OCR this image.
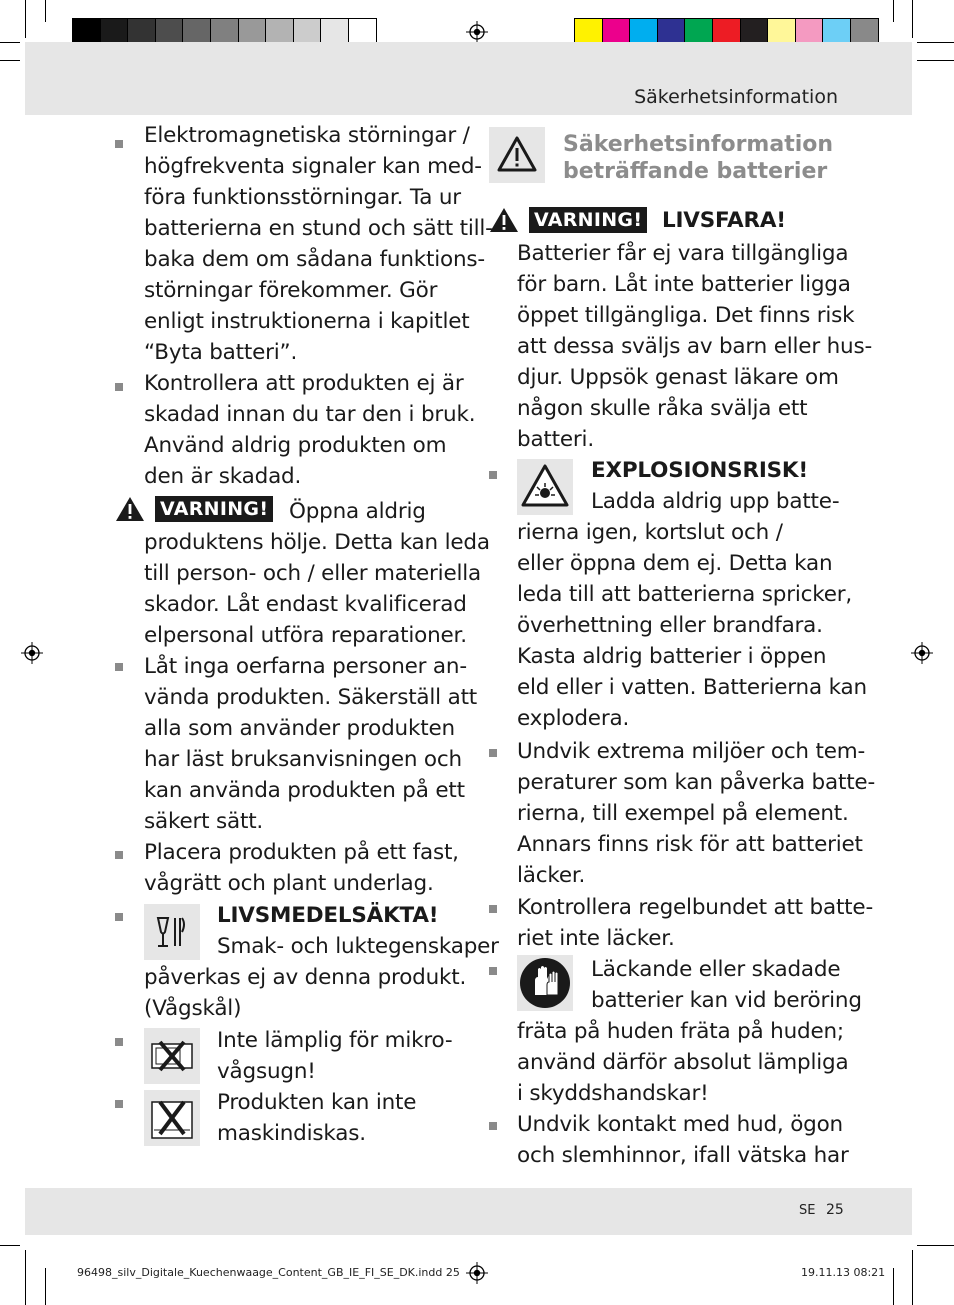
Säkerhetsinformation
Elektromagnetiska störningar /
högfrekventa signaler kan med-
föra funktionsstörningar. Ta ur
batterierna en stund och sätt till-
baka dem om sådana funktions-
störningar förekommer. Gör
enligt instruktionerna i kapitlet
“Byta batteri”.
Kontrollera att produkten ej är
skadad innan du tar den i bruk.
Använd aldrig produkten om
den är skadad.
VARNING! Öppna aldrig
produktens hölje. Detta kan leda
till person- och / eller materiella
skador. Låt endast kvalificerad
elpersonal utföra reparationer.
Låt inga oerfarna personer an-
vända produkten. Säkerställ att
alla som använder produkten
har läst bruksanvisningen och
kan använda produkten på ett
säkert sätt.
Placera produkten på ett fast,
vågrätt och plant underlag.
LIVSMEDELSÄKTA!
Smak- och luktegenskaper
påverkas ej av denna produkt.
(Vågskål)
Inte lämplig för mikro-
vågsugn!
Produkten kan inte
maskindiskas.
Säkerhetsinformation
beträffande batterier
VARNING! LIVSFARA!
Batterier får ej vara tillgängliga
för barn. Låt inte batterier ligga
öppet tillgängliga. Det finns risk
att dessa sväljs av barn eller hus-
djur. Uppsök genast läkare om
någon skulle råka svälja ett
batteri.
EXPLOSIONSRISK!
Ladda aldrig upp batte-
rierna igen, kortslut och /
eller öppna dem ej. Detta kan
leda till att batterierna spricker,
överhettning eller brandfara.
Kasta aldrig batterier i öppen
eld eller i vatten. Batterierna kan
explodera.
Undvik extrema miljöer och tem-
peraturer som kan påverka batte-
rierna, till exempel på element.
Annars finns risk för att batteriet
läcker.
Kontrollera regelbundet att batte-
riet inte läcker.
Läckande eller skadade
batterier kan vid beröring
fräta på huden fräta på huden;
använd därför absolut lämpliga
i skyddshandskar!
Undvik kontakt med hud, ögon
och slemhinnor, ifall vätska har
SE 25
96498_silv_Digitale_Kuechenwaage_Content_GB_IE_FI_SE_DK.indd 25	19.11.13 08:21
